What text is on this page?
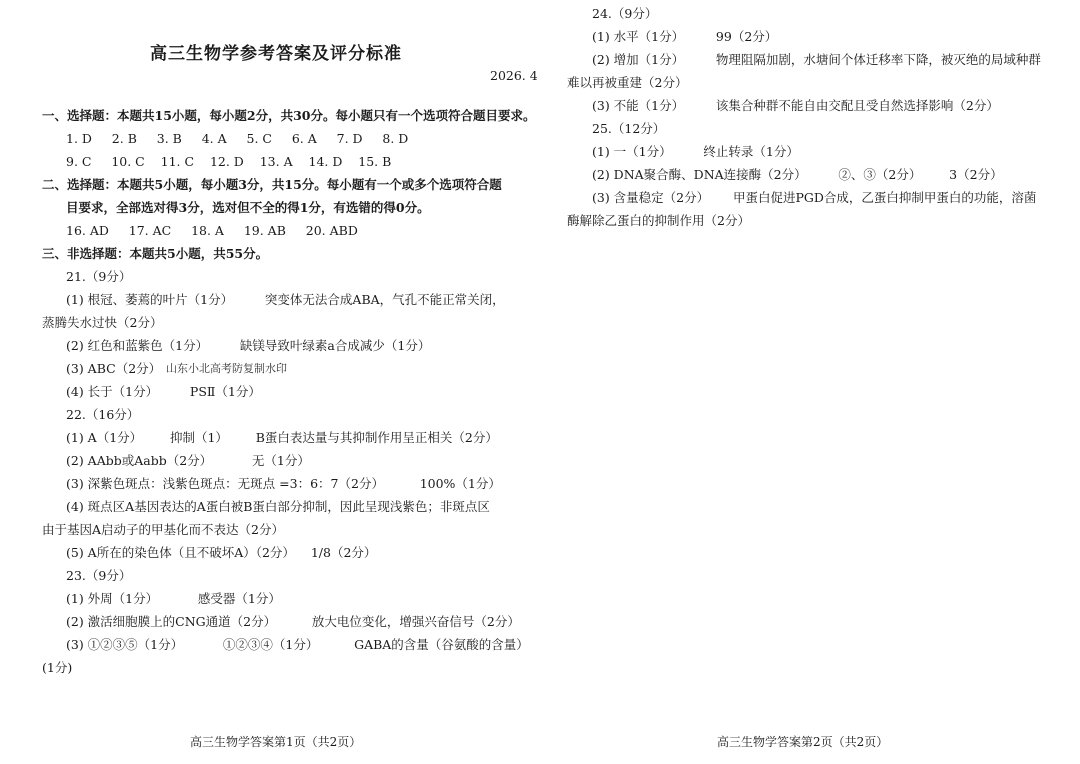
高三生物学参考答案及评分标准
2026. 4
一、选择题：本题共15小题，每小题2分，共30分。每小题只有一个选项符合题目要求。
1. D     2. B     3. B     4. A     5. C     6. A     7. D     8. D
9. C     10. C    11. C    12. D    13. A    14. D    15. B
二、选择题：本题共5小题，每小题3分，共15分。每小题有一个或多个选项符合题
目要求，全部选对得3分，选对但不全的得1分，有选错的得0分。
16. AD     17. AC     18. A     19. AB     20. ABD
三、非选择题：本题共5小题，共55分。
21.（9分）
(1) 根冠、萎蔫的叶片（1分）        突变体无法合成ABA，气孔不能正常关闭，
蒸腾失水过快（2分）
(2) 红色和蓝紫色（1分）        缺镁导致叶绿素a合成减少（1分）
(3) ABC（2分） 山东小北高考防复制水印
(4) 长于（1分）        PSⅡ（1分）
22.（16分）
(1) A（1分）       抑制（1）       B蛋白表达量与其抑制作用呈正相关（2分）
(2) AAbb或Aabb（2分）          无（1分）
(3) 深紫色斑点：浅紫色斑点：无斑点 =3：6：7（2分）         100%（1分）
(4) 斑点区A基因表达的A蛋白被B蛋白部分抑制，因此呈现浅紫色；非斑点区
由于基因A启动子的甲基化而不表达（2分）
(5) A所在的染色体（且不破坏A）（2分）    1/8（2分）
23.（9分）
(1) 外周（1分）          感受器（1分）
(2) 激活细胞膜上的CNG通道（2分）         放大电位变化，增强兴奋信号（2分）
(3) ①②③⑤（1分）          ①②③④（1分）         GABA的含量（谷氨酸的含量）
(1分)
高三生物学答案第1页（共2页）
24.（9分）
(1) 水平（1分）        99（2分）
(2) 增加（1分）        物理阻隔加剧，水塘间个体迁移率下降，被灭绝的局域种群
难以再被重建（2分）
(3) 不能（1分）        该集合种群不能自由交配且受自然选择影响（2分）
25.（12分）
(1) 一（1分）        终止转录（1分）
(2) DNA聚合酶、DNA连接酶（2分）        ②、③（2分）       3（2分）
(3) 含量稳定（2分）      甲蛋白促进PGD合成，乙蛋白抑制甲蛋白的功能，溶菌
酶解除乙蛋白的抑制作用（2分）
高三生物学答案第2页（共2页）
